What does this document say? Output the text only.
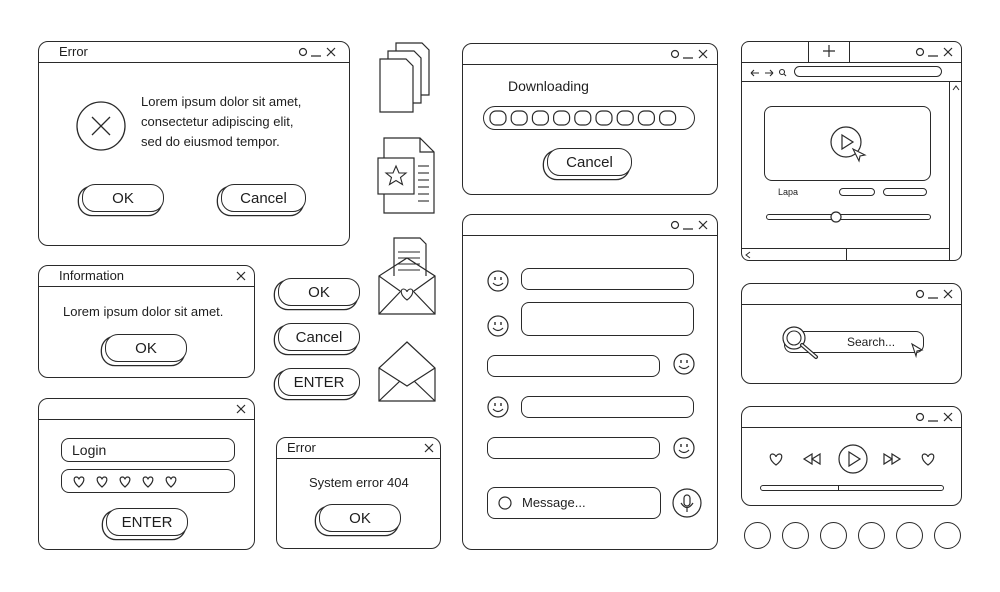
Error
Lorem ipsum dolor sit amet,
consectetur adipiscing elit,
sed do eiusmod tempor.
OK	Cancel
Information
Lorem ipsum dolor sit amet.
OK
Login
ENTER
OK
Cancel
ENTER
Error
System error 404
OK
Downloading
Cancel
Message...
Lapa
Search...
